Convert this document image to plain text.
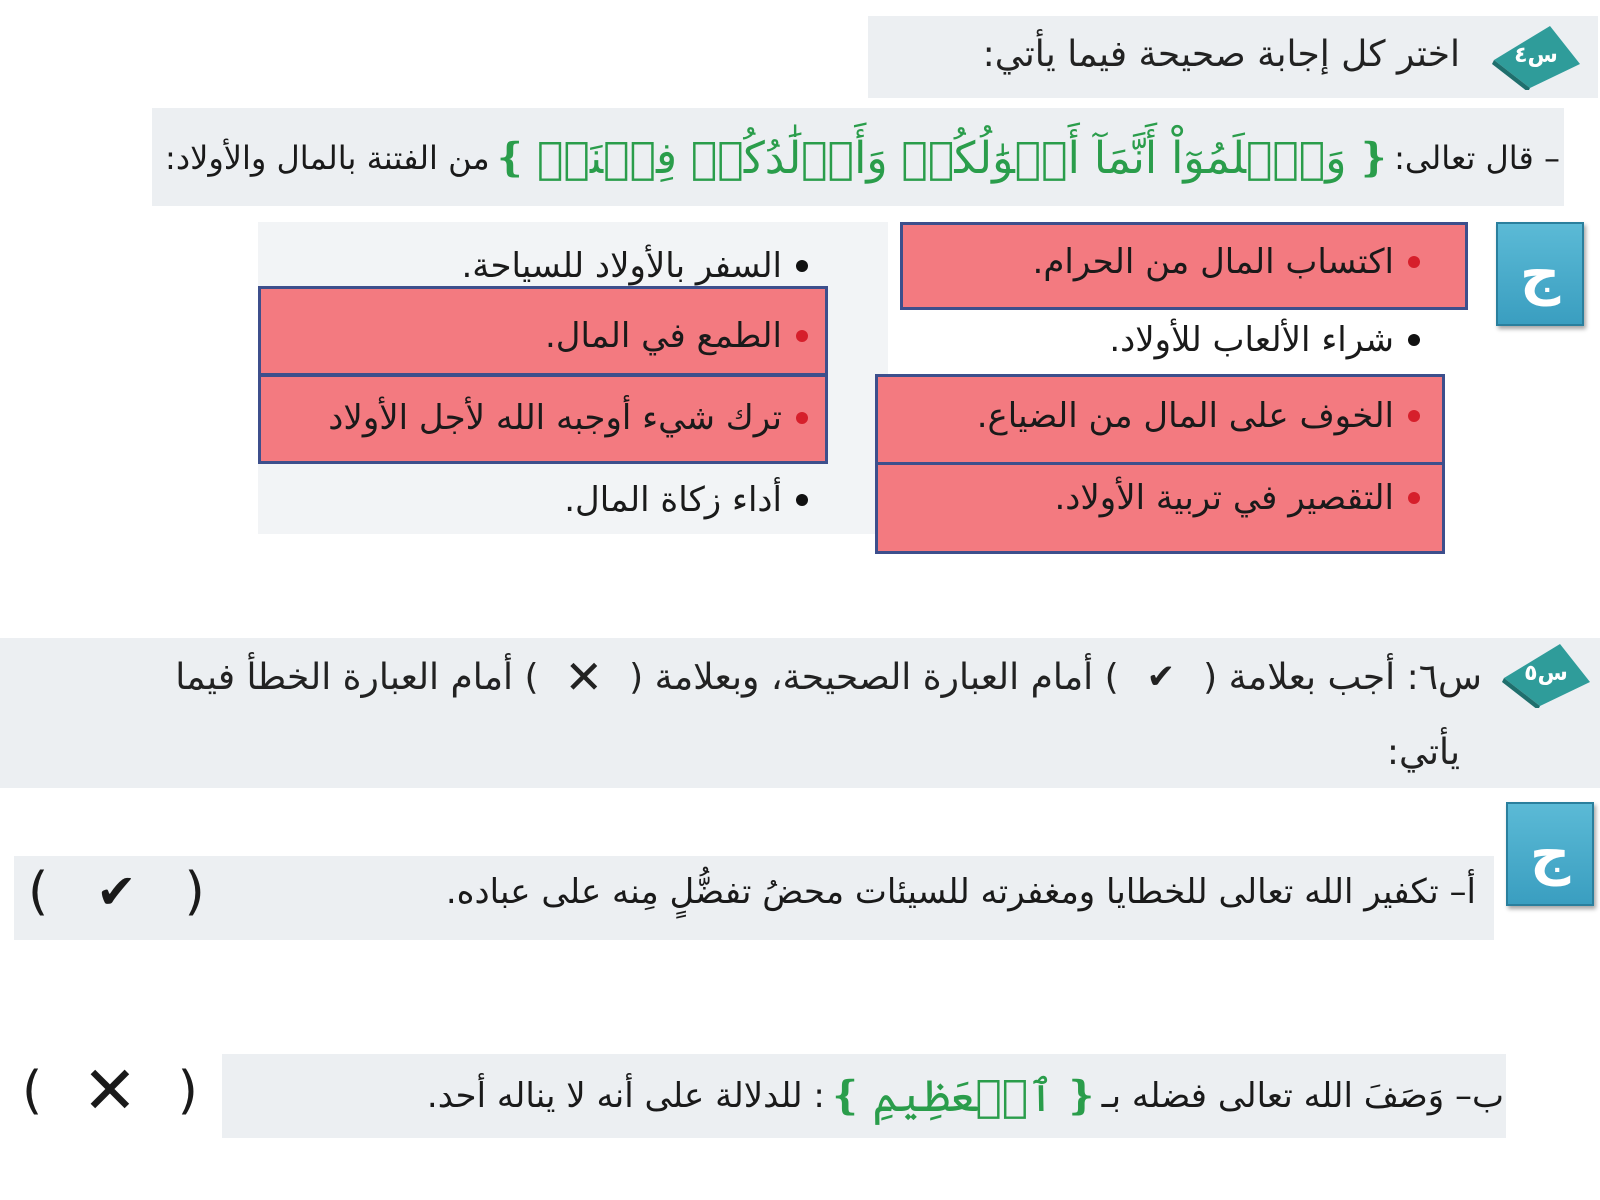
س٤
اختر كل إجابة صحيحة فيما يأتي:
– قال تعالى:
❴
وَٱعۡلَمُوٓاْ أَنَّمَآ أَمۡوَٰلُكُمۡ وَأَوۡلَٰدُكُمۡ فِتۡنَةٞ
❵
من الفتنة بالمال والأولاد:
ج
اكتساب المال من الحرام.
شراء الألعاب للأولاد.
الخوف على المال من الضياع.
التقصير في تربية الأولاد.
السفر بالأولاد للسياحة.
الطمع في المال.
ترك شيء أوجبه الله لأجل الأولاد
أداء زكاة المال.
س٥
س٦: أجب بعلامة (
✔
) أمام العبارة الصحيحة، وبعلامة (
✕
) أمام العبارة الخطأ فيما
يأتي:
ج
أ– تكفير الله تعالى للخطايا ومغفرته للسيئات محضُ تفضُّلٍ مِنه على عباده.
( ✔ )
ب– وَصَفَ الله تعالى فضله بـ
❴
ٱلۡعَظِيمِ
❵
: للدلالة على أنه لا يناله أحد.
( ✕ )
